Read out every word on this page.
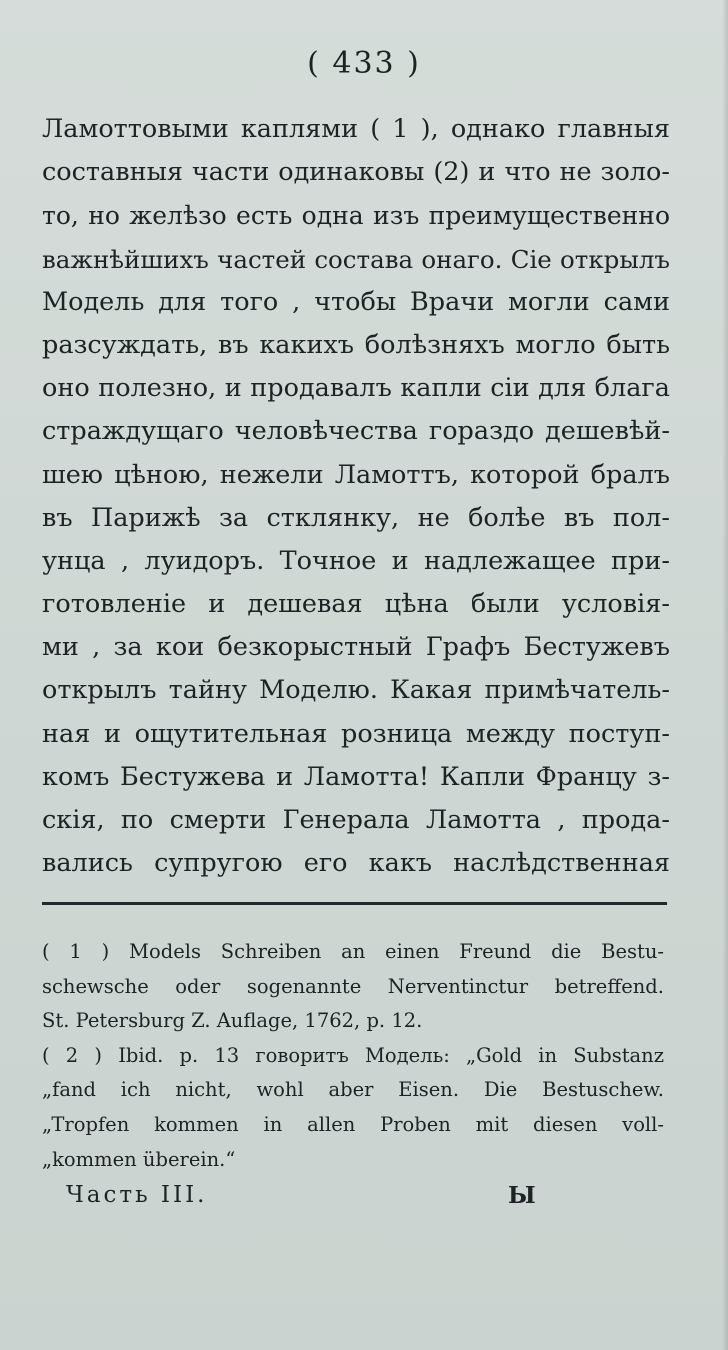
( 433 )
Ламоттовыми каплями ( 1 ), однако главныя
составныя части одинаковы (2) и что не золо-
то, но желѣзо есть одна изъ преимущественно
важнѣйшихъ частей состава онаго. Сіе открылъ
Модель для того , чтобы Врачи могли сами
разсуждать, въ какихъ болѣзняхъ могло быть
оно полезно, и продавалъ капли сіи для блага
страждущаго человѣчества гораздо дешевѣй-
шею цѣною, нежели Ламоттъ, которой бралъ
въ Парижѣ за стклянку, не болѣе въ пол-
унца , луидоръ. Точное и надлежащее при-
готовленіе и дешевая цѣна были условія-
ми , за кои безкорыстный Графъ Бестужевъ
открылъ тайну Моделю. Какая примѣчатель-
ная и ощутительная розница между поступ-
комъ Бестужева и Ламотта! Капли Францу з-
скія, по смерти Генерала Ламотта , прода-
вались супругою его какъ наслѣдственная
( 1 ) Models Schreiben an einen Freund die Bestu-
schewsche oder sogenannte Nerventinctur betreffend.
St. Petersburg Z. Auflage, 1762, p. 12.
( 2 ) Ibid. p. 13 говоритъ Модель: „Gold in Substanz
„fand ich nicht, wohl aber Eisen. Die Bestuschew.
„Tropfen kommen in allen Proben mit diesen voll-
„kommen überein.“
Часть III.	Ы
